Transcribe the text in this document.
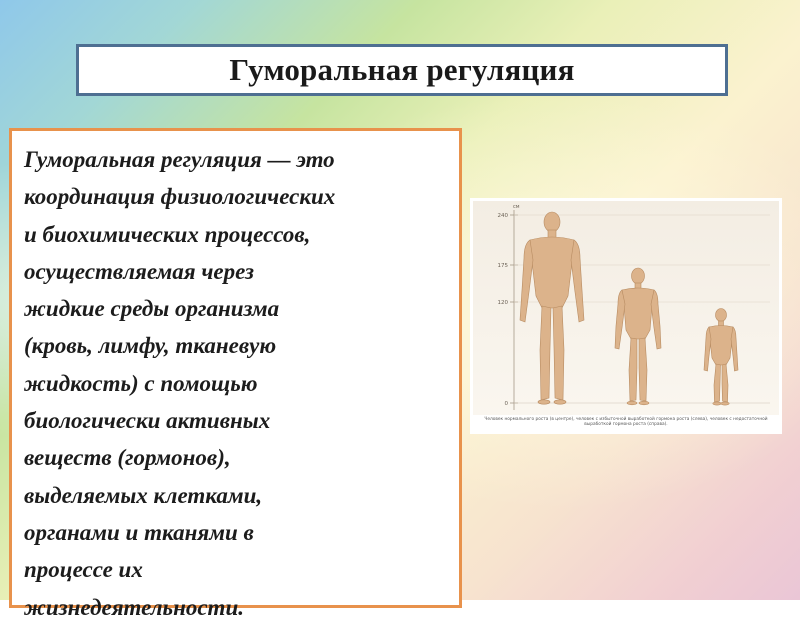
Гуморальная регуляция

Гуморальная регуляция — это
координация физиологических
и биохимических процессов,
осуществляемая через
жидкие среды организма
(кровь, лимфу, тканевую
жидкость) с помощью
биологически активных
веществ (гормонов),
выделяемых клетками,
органами и тканями в
процессе их
жизнедеятельности.

см
240
175
120
0

Человек нормального роста (в центре), человек с избыточной выработкой гормона роста (слева), человек с недостаточной выработкой гормона роста (справа).
